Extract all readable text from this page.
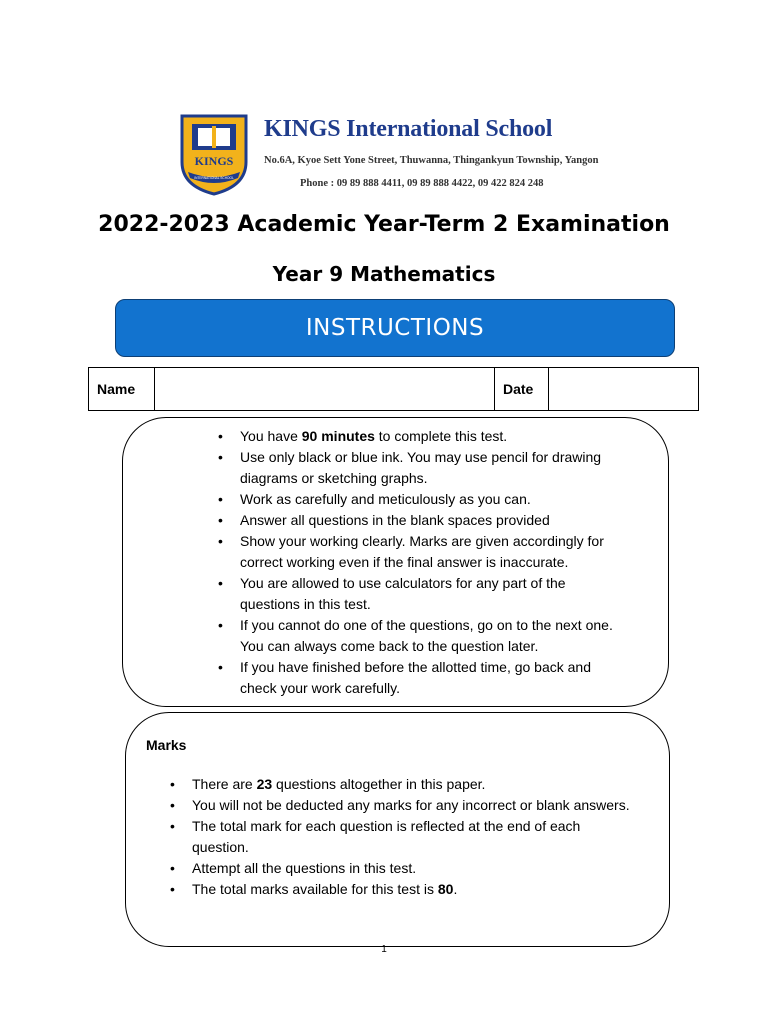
KINGS
INTERNATIONAL SCHOOL
KINGS International School
No.6A, Kyoe Sett Yone Street, Thuwanna, Thingankyun Township, Yangon
Phone : 09 89 888 4411, 09 89 888 4422, 09 422 824 248
2022-2023 Academic Year-Term 2 Examination
Year 9 Mathematics
INSTRUCTIONS
Name		Date	
• You have 90 minutes to complete this test.
• Use only black or blue ink. You may use pencil for drawing diagrams or sketching graphs.
• Work as carefully and meticulously as you can.
• Answer all questions in the blank spaces provided
• Show your working clearly. Marks are given accordingly for correct working even if the final answer is inaccurate.
• You are allowed to use calculators for any part of the questions in this test.
• If you cannot do one of the questions, go on to the next one. You can always come back to the question later.
• If you have finished before the allotted time, go back and check your work carefully.
Marks
• There are 23 questions altogether in this paper.
• You will not be deducted any marks for any incorrect or blank answers.
• The total mark for each question is reflected at the end of each question.
• Attempt all the questions in this test.
• The total marks available for this test is 80.
1
